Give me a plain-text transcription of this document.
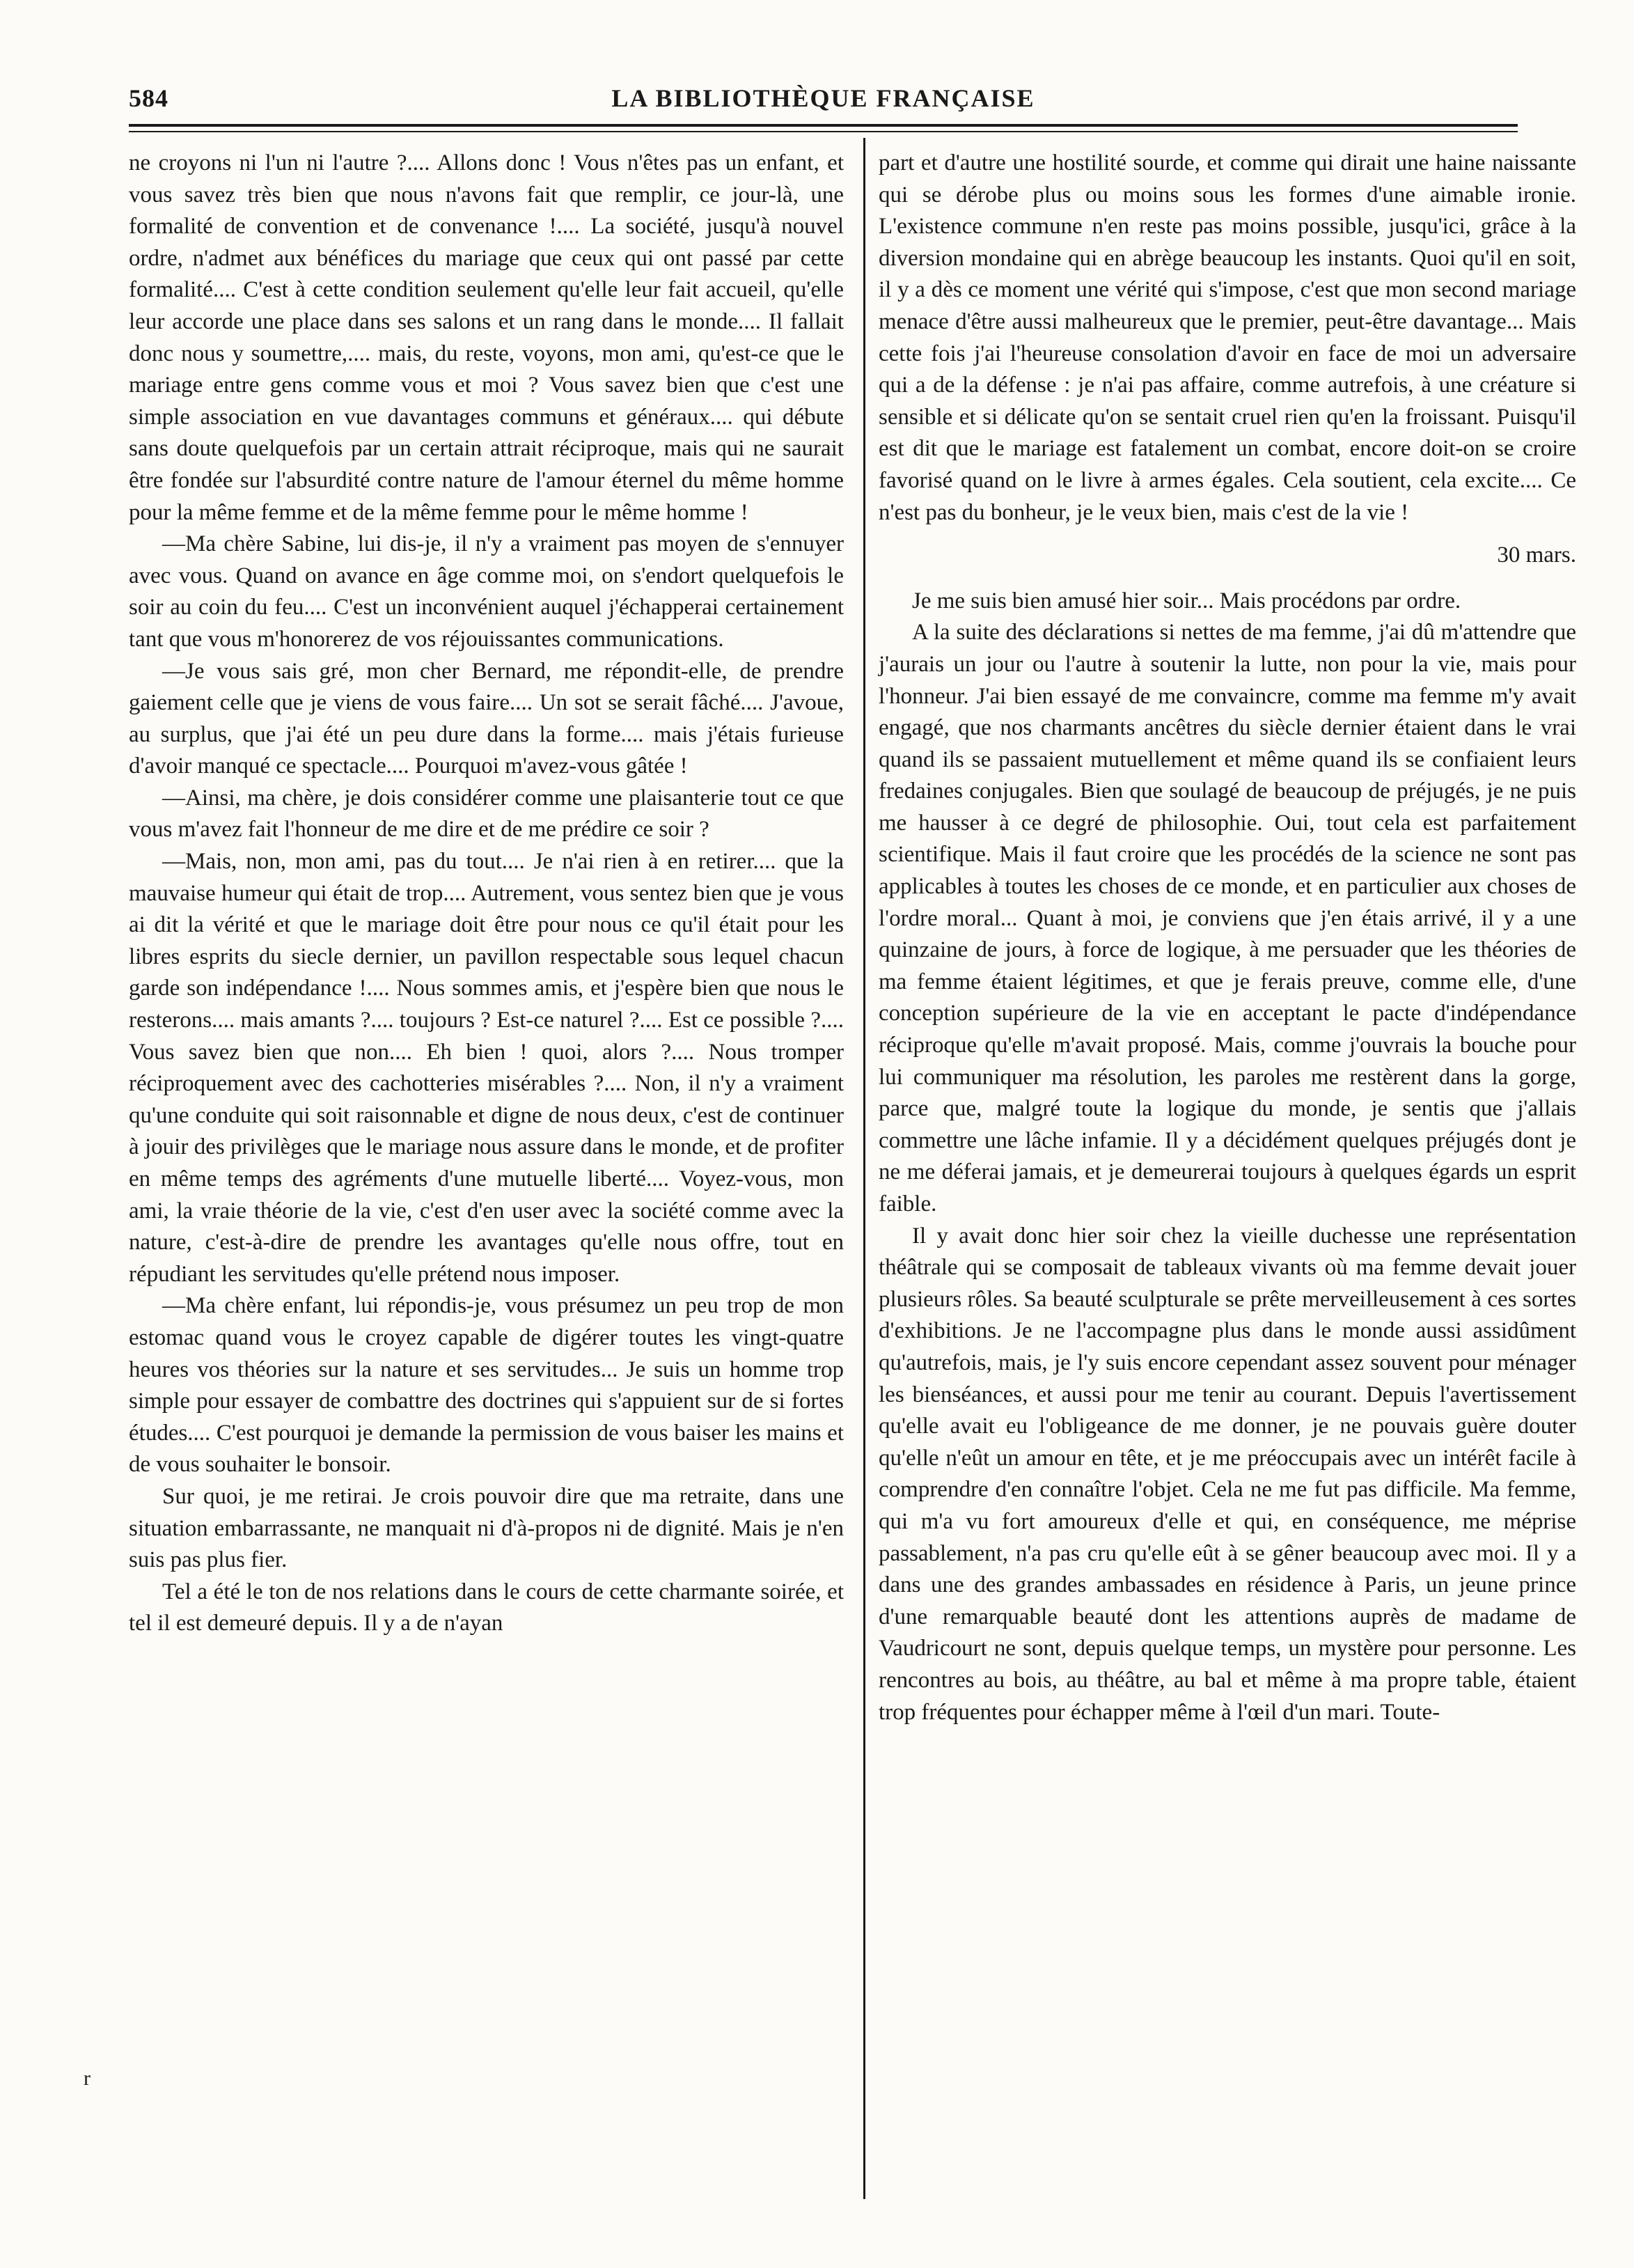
584	LA BIBLIOTHÈQUE FRANÇAISE
r

ne croyons ni l'un ni l'autre ?.... Allons donc ! Vous n'êtes pas un enfant, et vous savez très bien que nous n'avons fait que remplir, ce jour-là, une formalité de convention et de convenance !.... La société, jusqu'à nouvel ordre, n'admet aux bénéfices du mariage que ceux qui ont passé par cette formalité.... C'est à cette condition seulement qu'elle leur fait accueil, qu'elle leur accorde une place dans ses salons et un rang dans le monde.... Il fallait donc nous y soumettre,.... mais, du reste, voyons, mon ami, qu'est-ce que le mariage entre gens comme vous et moi ? Vous savez bien que c'est une simple association en vue davantages communs et généraux.... qui débute sans doute quelquefois par un certain attrait réciproque, mais qui ne saurait être fondée sur l'absurdité contre nature de l'amour éternel du même homme pour la même femme et de la même femme pour le même homme !

—Ma chère Sabine, lui dis-je, il n'y a vraiment pas moyen de s'ennuyer avec vous. Quand on avance en âge comme moi, on s'endort quelquefois le soir au coin du feu.... C'est un inconvénient auquel j'échapperai certainement tant que vous m'honorerez de vos réjouissantes communications.

—Je vous sais gré, mon cher Bernard, me répondit-elle, de prendre gaiement celle que je viens de vous faire.... Un sot se serait fâché.... J'avoue, au surplus, que j'ai été un peu dure dans la forme.... mais j'étais furieuse d'avoir manqué ce spectacle.... Pourquoi m'avez-vous gâtée !

—Ainsi, ma chère, je dois considérer comme une plaisanterie tout ce que vous m'avez fait l'honneur de me dire et de me prédire ce soir ?

—Mais, non, mon ami, pas du tout.... Je n'ai rien à en retirer.... que la mauvaise humeur qui était de trop.... Autrement, vous sentez bien que je vous ai dit la vérité et que le mariage doit être pour nous ce qu'il était pour les libres esprits du siecle dernier, un pavillon respectable sous lequel chacun garde son indépendance !.... Nous sommes amis, et j'espère bien que nous le resterons.... mais amants ?.... toujours ? Est-ce naturel ?.... Est ce possible ?.... Vous savez bien que non.... Eh bien ! quoi, alors ?.... Nous tromper réciproquement avec des cachotteries misérables ?.... Non, il n'y a vraiment qu'une conduite qui soit raisonnable et digne de nous deux, c'est de continuer à jouir des privilèges que le mariage nous assure dans le monde, et de profiter en même temps des agréments d'une mutuelle liberté.... Voyez-vous, mon ami, la vraie théorie de la vie, c'est d'en user avec la société comme avec la nature, c'est-à-dire de prendre les avantages qu'elle nous offre, tout en répudiant les servitudes qu'elle prétend nous imposer.

—Ma chère enfant, lui répondis-je, vous présumez un peu trop de mon estomac quand vous le croyez capable de digérer toutes les vingt-quatre heures vos théories sur la nature et ses servitudes... Je suis un homme trop simple pour essayer de combattre des doctrines qui s'appuient sur de si fortes études.... C'est pourquoi je demande la permission de vous baiser les mains et de vous souhaiter le bonsoir.

Sur quoi, je me retirai. Je crois pouvoir dire que ma retraite, dans une situation embarrassante, ne manquait ni d'à-propos ni de dignité. Mais je n'en suis pas plus fier.

Tel a été le ton de nos relations dans le cours de cette charmante soirée, et tel il est demeuré depuis. Il y a de n'ayan

part et d'autre une hostilité sourde, et comme qui dirait une haine naissante qui se dérobe plus ou moins sous les formes d'une aimable ironie. L'existence commune n'en reste pas moins possible, jusqu'ici, grâce à la diversion mondaine qui en abrège beaucoup les instants. Quoi qu'il en soit, il y a dès ce moment une vérité qui s'impose, c'est que mon second mariage menace d'être aussi malheureux que le premier, peut-être davantage... Mais cette fois j'ai l'heureuse consolation d'avoir en face de moi un adversaire qui a de la défense : je n'ai pas affaire, comme autrefois, à une créature si sensible et si délicate qu'on se sentait cruel rien qu'en la froissant. Puisqu'il est dit que le mariage est fatalement un combat, encore doit-on se croire favorisé quand on le livre à armes égales. Cela soutient, cela excite.... Ce n'est pas du bonheur, je le veux bien, mais c'est de la vie !

30 mars.

Je me suis bien amusé hier soir... Mais procédons par ordre.

A la suite des déclarations si nettes de ma femme, j'ai dû m'attendre que j'aurais un jour ou l'autre à soutenir la lutte, non pour la vie, mais pour l'honneur. J'ai bien essayé de me convaincre, comme ma femme m'y avait engagé, que nos charmants ancêtres du siècle dernier étaient dans le vrai quand ils se passaient mutuellement et même quand ils se confiaient leurs fredaines conjugales. Bien que soulagé de beaucoup de préjugés, je ne puis me hausser à ce degré de philosophie. Oui, tout cela est parfaitement scientifique. Mais il faut croire que les procédés de la science ne sont pas applicables à toutes les choses de ce monde, et en particulier aux choses de l'ordre moral... Quant à moi, je conviens que j'en étais arrivé, il y a une quinzaine de jours, à force de logique, à me persuader que les théories de ma femme étaient légitimes, et que je ferais preuve, comme elle, d'une conception supérieure de la vie en acceptant le pacte d'indépendance réciproque qu'elle m'avait proposé. Mais, comme j'ouvrais la bouche pour lui communiquer ma résolution, les paroles me restèrent dans la gorge, parce que, malgré toute la logique du monde, je sentis que j'allais commettre une lâche infamie. Il y a décidément quelques préjugés dont je ne me déferai jamais, et je demeurerai toujours à quelques égards un esprit faible.

Il y avait donc hier soir chez la vieille duchesse une représentation théâtrale qui se composait de tableaux vivants où ma femme devait jouer plusieurs rôles. Sa beauté sculpturale se prête merveilleusement à ces sortes d'exhibitions. Je ne l'accompagne plus dans le monde aussi assidûment qu'autrefois, mais, je l'y suis encore cependant assez souvent pour ménager les bienséances, et aussi pour me tenir au courant. Depuis l'avertissement qu'elle avait eu l'obligeance de me donner, je ne pouvais guère douter qu'elle n'eût un amour en tête, et je me préoccupais avec un intérêt facile à comprendre d'en connaître l'objet. Cela ne me fut pas difficile. Ma femme, qui m'a vu fort amoureux d'elle et qui, en conséquence, me méprise passablement, n'a pas cru qu'elle eût à se gêner beaucoup avec moi. Il y a dans une des grandes ambassades en résidence à Paris, un jeune prince d'une remarquable beauté dont les attentions auprès de madame de Vaudricourt ne sont, depuis quelque temps, un mystère pour personne. Les rencontres au bois, au théâtre, au bal et même à ma propre table, étaient trop fréquentes pour échapper même à l'œil d'un mari. Toute-
